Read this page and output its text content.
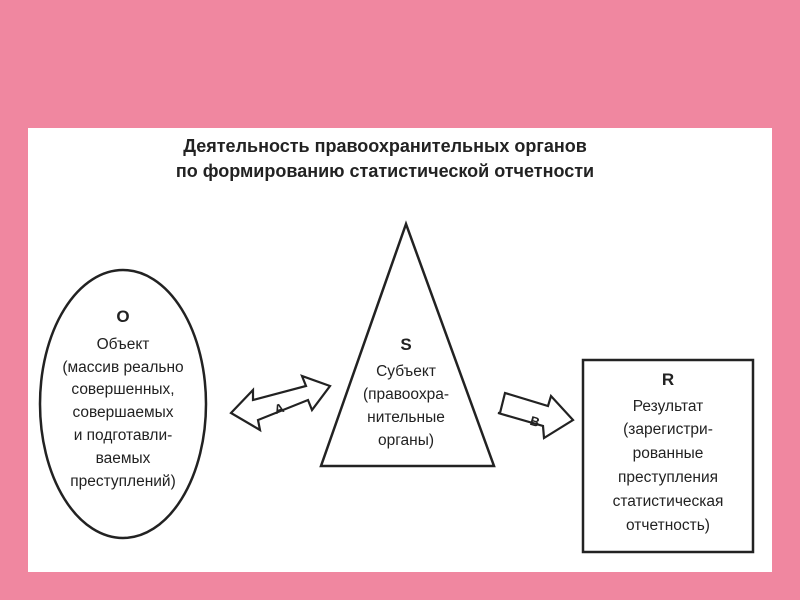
Деятельность правоохранительных органов
по формированию статистической отчетности
O
Объект
(массив реально
совершенных,
совершаемых
и подготавли-
ваемых
преступлений)
A
S
Субъект
(правоохра-
нительные
органы)
B
R
Результат
(зарегистри-
рованные
преступления
статистическая
отчетность)
